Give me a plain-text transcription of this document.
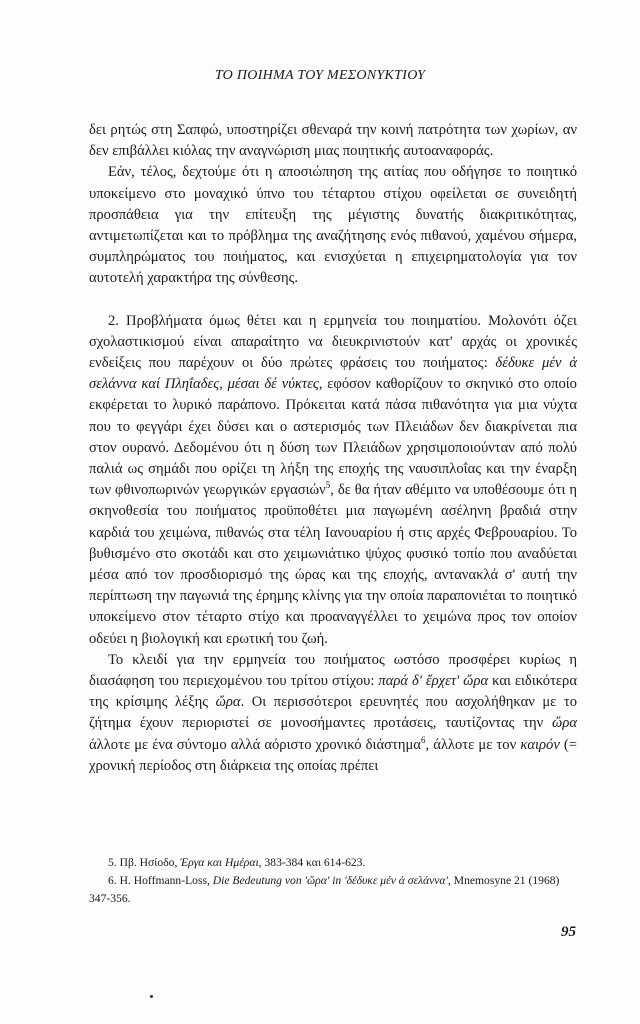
ΤΟ ΠΟΙΗΜΑ ΤΟΥ ΜΕΣΟΝΥΚΤΙΟΥ

δει ρητώς στη Σαπφώ, υποστηρίζει σθεναρά την κοινή πατρότητα των χωρίων, αν δεν επιβάλλει κιόλας την αναγνώριση μιας ποιητικής αυτοαναφοράς.

Εάν, τέλος, δεχτούμε ότι η αποσιώπηση της αιτίας που οδήγησε το ποιητικό υποκείμενο στο μοναχικό ύπνο του τέταρτου στίχου οφείλεται σε συνειδητή προσπάθεια για την επίτευξη της μέγιστης δυνατής διακριτικότητας, αντιμετωπίζεται και το πρόβλημα της αναζήτησης ενός πιθανού, χαμένου σήμερα, συμπληρώματος του ποιήματος, και ενισχύεται η επιχειρηματολογία για τον αυτοτελή χαρακτήρα της σύνθεσης.

2. Προβλήματα όμως θέτει και η ερμηνεία του ποιηματίου. Μολονότι όζει σχολαστικισμού είναι απαραίτητο να διευκρινιστούν κατ' αρχάς οι χρονικές ενδείξεις που παρέχουν οι δύο πρώτες φράσεις του ποιήματος: δέδυκε μέν ἀ σελάννα καί Πληΐαδες, μέσαι δέ νύκτες, εφόσον καθορίζουν το σκηνικό στο οποίο εκφέρεται το λυρικό παράπονο. Πρόκειται κατά πάσα πιθανότητα για μια νύχτα που το φεγγάρι έχει δύσει και ο αστερισμός των Πλειάδων δεν διακρίνεται πια στον ουρανό. Δεδομένου ότι η δύση των Πλειάδων χρησιμοποιούνταν από πολύ παλιά ως σημάδι που ορίζει τη λήξη της εποχής της ναυσιπλοΐας και την έναρξη των φθινοπωρινών γεωργικών εργασιών$^5$, δε θα ήταν αθέμιτο να υποθέσουμε ότι η σκηνοθεσία του ποιήματος προϋποθέτει μια παγωμένη ασέληνη βραδιά στην καρδιά του χειμώνα, πιθανώς στα τέλη Ιανουαρίου ή στις αρχές Φεβρουαρίου. Το βυθισμένο στο σκοτάδι και στο χειμωνιάτικο ψύχος φυσικό τοπίο που αναδύεται μέσα από τον προσδιορισμό της ώρας και της εποχής, αντανακλά σ' αυτή την περίπτωση την παγωνιά της έρημης κλίνης για την οποία παραπονιέται το ποιητικό υποκείμενο στον τέταρτο στίχο και προαναγγέλλει το χειμώνα προς τον οποίον οδεύει η βιολογική και ερωτική του ζωή.

Το κλειδί για την ερμηνεία του ποιήματος ωστόσο προσφέρει κυρίως η διασάφηση του περιεχομένου του τρίτου στίχου: παρά δ' ἔρχετ' ὤρα και ειδικότερα της κρίσιμης λέξης ὤρα. Οι περισσότεροι ερευνητές που ασχολήθηκαν με το ζήτημα έχουν περιοριστεί σε μονοσήμαντες προτάσεις, ταυτίζοντας την ὤρα άλλοτε με ένα σύντομο αλλά αόριστο χρονικό διάστημα$^6$, άλλοτε με τον καιρόν (= χρονική περίοδος στη διάρκεια της οποίας πρέπει

5. Πβ. Ησίοδο, Έργα και Ημέραι, 383-384 και 614-623.

6. H. Hoffmann-Loss, Die Bedeutung von 'ὤρα' in 'δέδυκε μέν ἀ σελάννα', Mnemosyne 21 (1968) 347-356.

95
